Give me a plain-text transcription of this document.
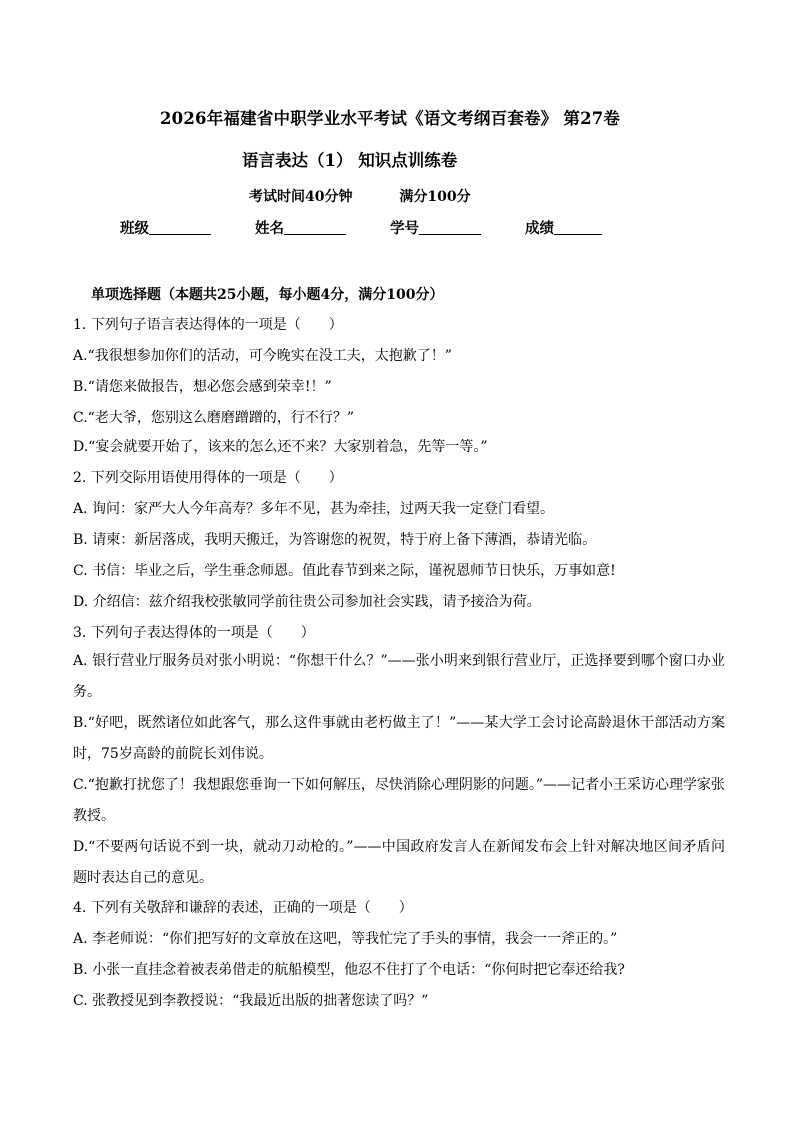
2026年福建省中职学业水平考试《语文考纲百套卷》 第27卷
语言表达（1） 知识点训练卷
考试时间40分钟	满分100分
班级	姓名	学号	成绩
单项选择题（本题共25小题，每小题4分，满分100分）
1. 下列句子语言表达得体的一项是（　　）
A.“我很想参加你们的活动，可今晚实在没工夫，太抱歉了！”
B.“请您来做报告，想必您会感到荣幸!！”
C.“老大爷，您别这么磨磨蹭蹭的，行不行？”
D.“宴会就要开始了，该来的怎么还不来？大家别着急，先等一等。”
2. 下列交际用语使用得体的一项是（　　）
A. 询问：家严大人今年高寿？多年不见，甚为牵挂，过两天我一定登门看望。
B. 请柬：新居落成，我明天搬迁，为答谢您的祝贺，特于府上备下薄酒，恭请光临。
C. 书信：毕业之后，学生垂念师恩。值此春节到来之际，谨祝恩师节日快乐，万事如意!
D. 介绍信：兹介绍我校张敏同学前往贵公司参加社会实践，请予接洽为荷。
3. 下列句子表达得体的一项是（　　）
A. 银行营业厅服务员对张小明说：“你想干什么？”——张小明来到银行营业厅，正选择要到哪个窗口办业务。
B.“好吧，既然诸位如此客气，那么这件事就由老朽做主了！”——某大学工会讨论高龄退休干部活动方案时，75岁高龄的前院长刘伟说。
C.“抱歉打扰您了！我想跟您垂询一下如何解压，尽快消除心理阴影的问题。”——记者小王采访心理学家张教授。
D.“不要两句话说不到一块，就动刀动枪的。”——中国政府发言人在新闻发布会上针对解决地区间矛盾问题时表达自己的意见。
4. 下列有关敬辞和谦辞的表述，正确的一项是（　　）
A. 李老师说：“你们把写好的文章放在这吧，等我忙完了手头的事情，我会一一斧正的。”
B. 小张一直挂念着被表弟借走的航船模型，他忍不住打了个电话：“你何时把它奉还给我?
C. 张教授见到李教授说：“我最近出版的拙著您读了吗？”
